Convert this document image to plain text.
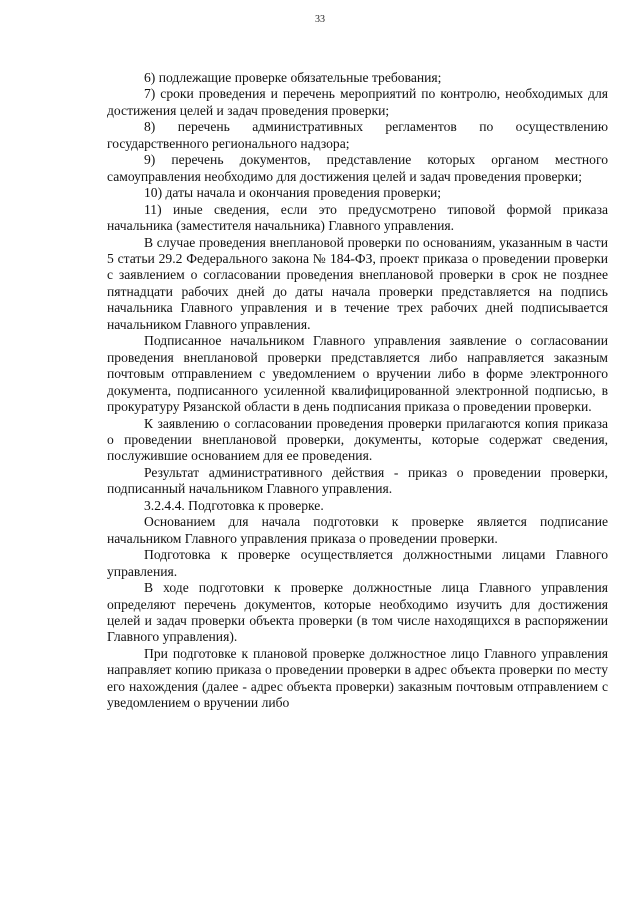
33

6) подлежащие проверке обязательные требования;

7) сроки проведения и перечень мероприятий по контролю, необходимых для достижения целей и задач проведения проверки;

8) перечень административных регламентов по осуществлению государственного регионального надзора;

9) перечень документов, представление которых органом местного самоуправления необходимо для достижения целей и задач проведения проверки;

10) даты начала и окончания проведения проверки;

11) иные сведения, если это предусмотрено типовой формой приказа начальника (заместителя начальника) Главного управления.

В случае проведения внеплановой проверки по основаниям, указанным в части 5 статьи 29.2 Федерального закона № 184-ФЗ, проект приказа о проведении проверки с заявлением о согласовании проведения внеплановой проверки в срок не позднее пятнадцати рабочих дней до даты начала проверки представляется на подпись начальника Главного управления и в течение трех рабочих дней подписывается начальником Главного управления.

Подписанное начальником Главного управления заявление о согласовании проведения внеплановой проверки представляется либо направляется заказным почтовым отправлением с уведомлением о вручении либо в форме электронного документа, подписанного усиленной квалифицированной электронной подписью, в прокуратуру Рязанской области в день подписания приказа о проведении проверки.

К заявлению о согласовании проведения проверки прилагаются копия приказа о проведении внеплановой проверки, документы, которые содержат сведения, послужившие основанием для ее проведения.

Результат административного действия - приказ о проведении проверки, подписанный начальником Главного управления.

3.2.4.4. Подготовка к проверке.

Основанием для начала подготовки к проверке является подписание начальником Главного управления приказа о проведении проверки.

Подготовка к проверке осуществляется должностными лицами Главного управления.

В ходе подготовки к проверке должностные лица Главного управления определяют перечень документов, которые необходимо изучить для достижения целей и задач проверки объекта проверки (в том числе находящихся в распоряжении Главного управления).

При подготовке к плановой проверке должностное лицо Главного управления направляет копию приказа о проведении проверки в адрес объекта проверки по месту его нахождения (далее - адрес объекта проверки) заказным почтовым отправлением с уведомлением о вручении либо
